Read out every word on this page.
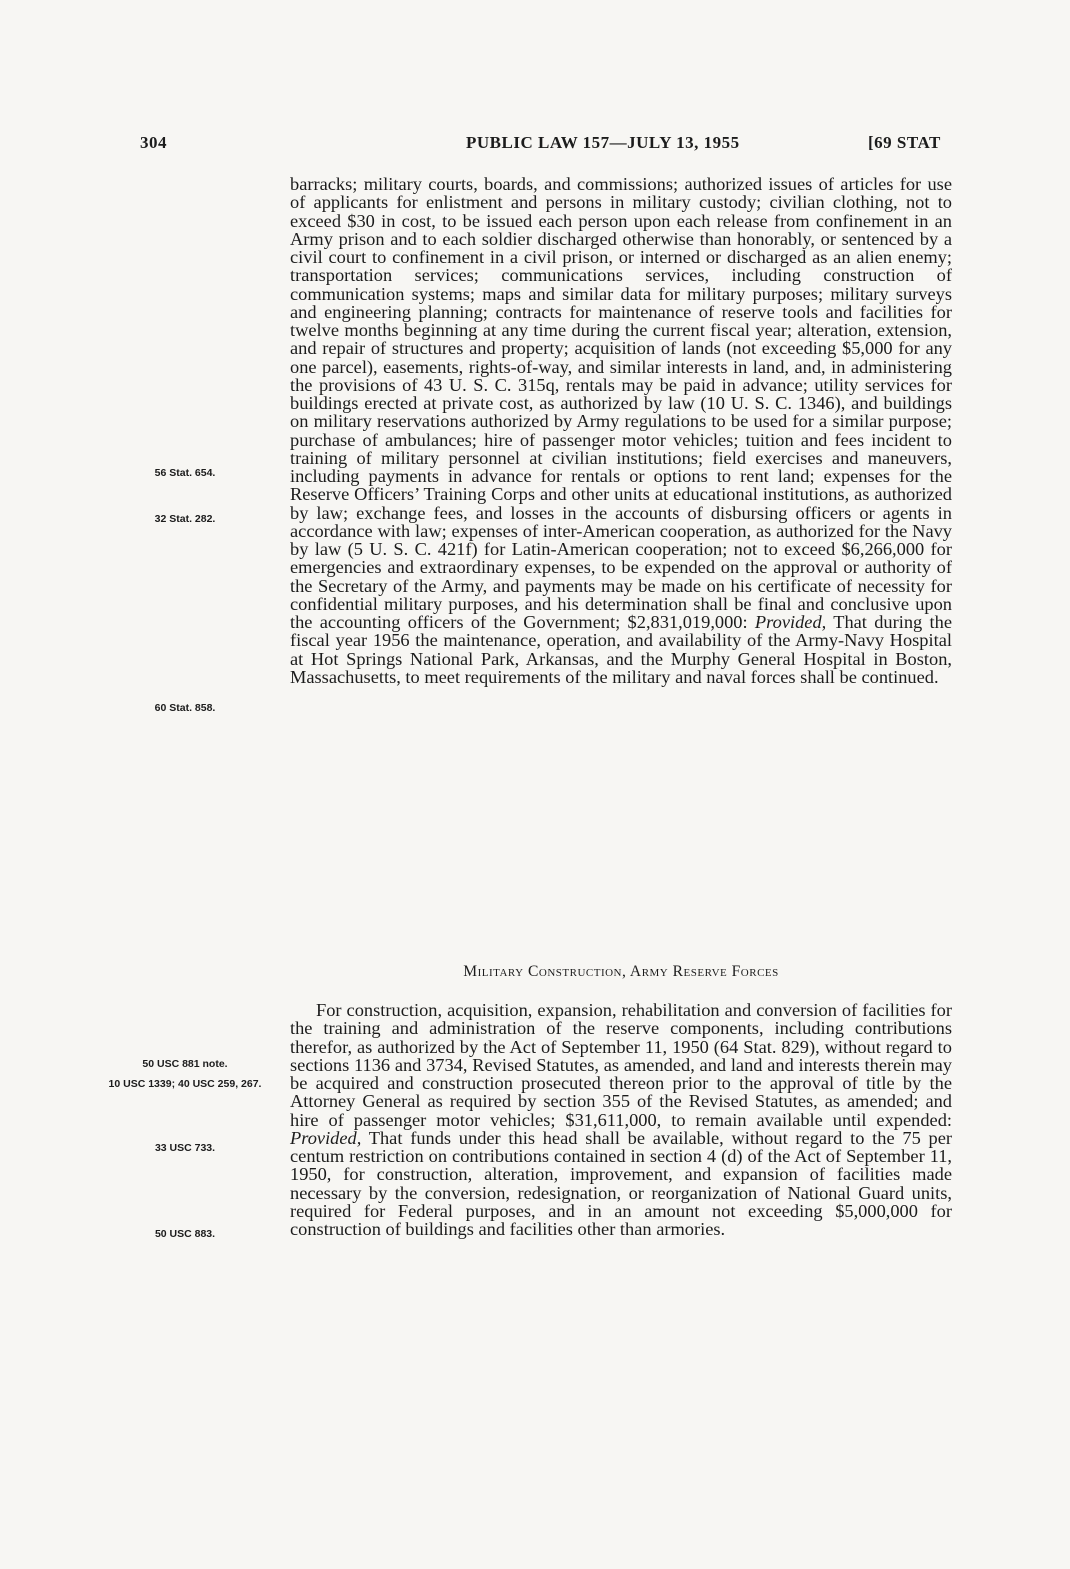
304	PUBLIC LAW 157—JULY 13, 1955	[69 STAT
56 Stat. 654.
32 Stat. 282.
60 Stat. 858.
50 USC 881 note.
10 USC 1339; 40 USC 259, 267.
33 USC 733.
50 USC 883.

barracks; military courts, boards, and commissions; authorized issues of articles for use of applicants for enlistment and persons in military custody; civilian clothing, not to exceed $30 in cost, to be issued each person upon each release from confinement in an Army prison and to each soldier discharged otherwise than honorably, or sentenced by a civil court to confinement in a civil prison, or interned or discharged as an alien enemy; transportation services; communications services, including construction of communication systems; maps and similar data for military purposes; military surveys and engineering planning; contracts for maintenance of reserve tools and facilities for twelve months beginning at any time during the current fiscal year; alteration, extension, and repair of structures and property; acquisition of lands (not exceeding $5,000 for any one parcel), easements, rights-of-way, and similar interests in land, and, in administering the provisions of 43 U. S. C. 315q, rentals may be paid in advance; utility services for buildings erected at private cost, as authorized by law (10 U. S. C. 1346), and buildings on military reservations authorized by Army regulations to be used for a similar purpose; purchase of ambulances; hire of passenger motor vehicles; tuition and fees incident to training of military personnel at civilian institutions; field exercises and maneuvers, including payments in advance for rentals or options to rent land; expenses for the Reserve Officers’ Training Corps and other units at educational institutions, as authorized by law; exchange fees, and losses in the accounts of disbursing officers or agents in accordance with law; expenses of inter-American cooperation, as authorized for the Navy by law (5 U. S. C. 421f) for Latin-American cooperation; not to exceed $6,266,000 for emergencies and extraordinary expenses, to be expended on the approval or authority of the Secretary of the Army, and payments may be made on his certificate of necessity for confidential military purposes, and his determination shall be final and conclusive upon the accounting officers of the Government; $2,831,019,000: Provided, That during the fiscal year 1956 the maintenance, operation, and availability of the Army-Navy Hospital at Hot Springs National Park, Arkansas, and the Murphy General Hospital in Boston, Massachusetts, to meet requirements of the military and naval forces shall be continued.

Military Construction, Army Reserve Forces

For construction, acquisition, expansion, rehabilitation and conversion of facilities for the training and administration of the reserve components, including contributions therefor, as authorized by the Act of September 11, 1950 (64 Stat. 829), without regard to sections 1136 and 3734, Revised Statutes, as amended, and land and interests therein may be acquired and construction prosecuted thereon prior to the approval of title by the Attorney General as required by section 355 of the Revised Statutes, as amended; and hire of passenger motor vehicles; $31,611,000, to remain available until expended: Provided, That funds under this head shall be available, without regard to the 75 per centum restriction on contributions contained in section 4 (d) of the Act of September 11, 1950, for construction, alteration, improvement, and expansion of facilities made necessary by the conversion, redesignation, or reorganization of National Guard units, required for Federal purposes, and in an amount not exceeding $5,000,000 for construction of buildings and facilities other than armories.
